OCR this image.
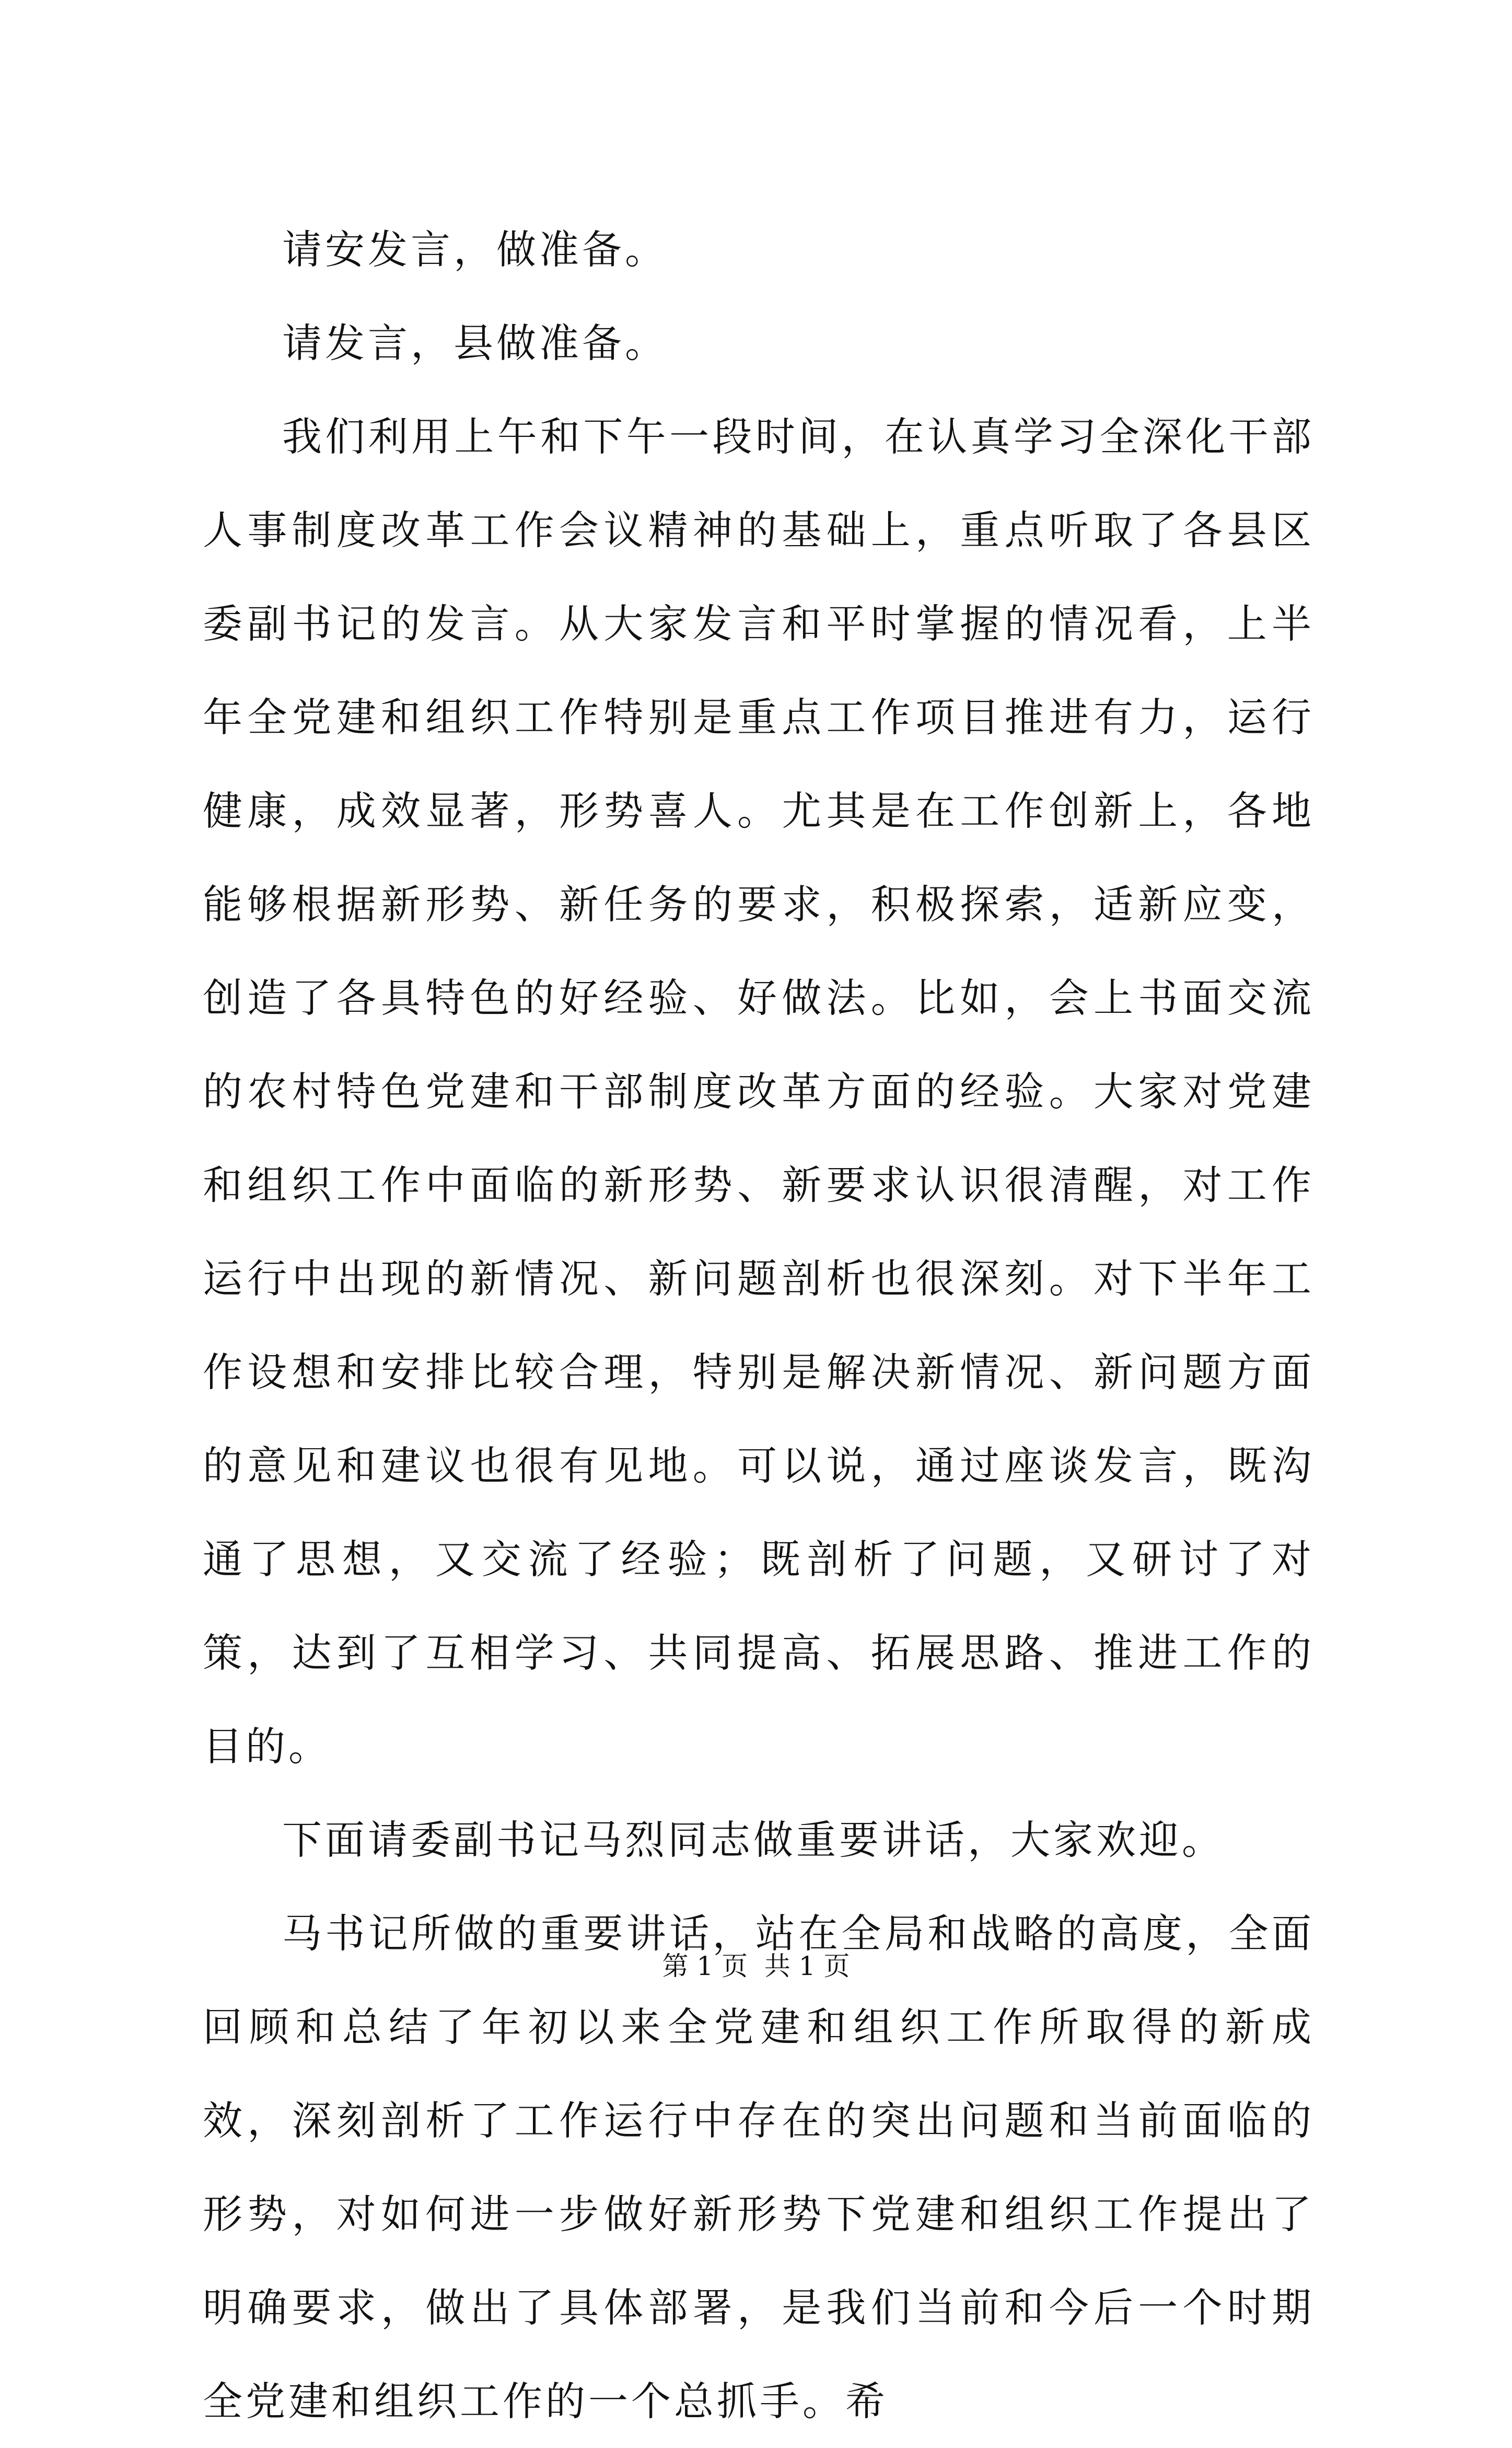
请安发言，做准备。

请发言，县做准备。

我们利用上午和下午一段时间，在认真学习全深化干部人事制度改革工作会议精神的基础上，重点听取了各县区委副书记的发言。从大家发言和平时掌握的情况看，上半年全党建和组织工作特别是重点工作项目推进有力，运行健康，成效显著，形势喜人。尤其是在工作创新上，各地能够根据新形势、新任务的要求，积极探索，适新应变，创造了各具特色的好经验、好做法。比如，会上书面交流的农村特色党建和干部制度改革方面的经验。大家对党建和组织工作中面临的新形势、新要求认识很清醒，对工作运行中出现的新情况、新问题剖析也很深刻。对下半年工作设想和安排比较合理，特别是解决新情况、新问题方面的意见和建议也很有见地。可以说，通过座谈发言，既沟通了思想，又交流了经验；既剖析了问题，又研讨了对策，达到了互相学习、共同提高、拓展思路、推进工作的目的。

下面请委副书记马烈同志做重要讲话，大家欢迎。

马书记所做的重要讲话，站在全局和战略的高度，全面回顾和总结了年初以来全党建和组织工作所取得的新成效，深刻剖析了工作运行中存在的突出问题和当前面临的形势，对如何进一步做好新形势下党建和组织工作提出了明确要求，做出了具体部署，是我们当前和今后一个时期全党建和组织工作的一个总抓手。希

第 1 页  共 1 页
